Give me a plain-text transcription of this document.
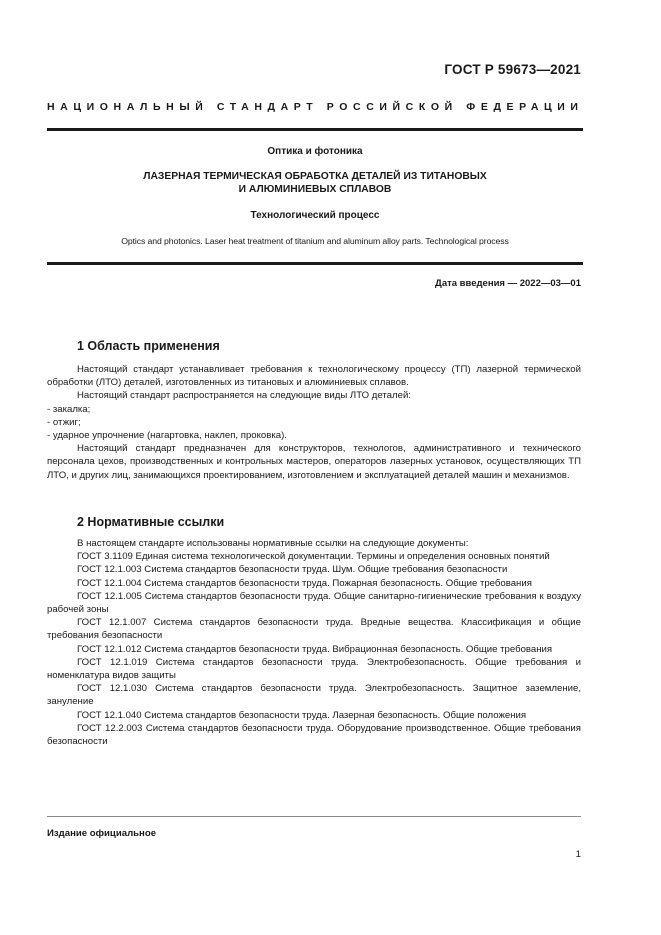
ГОСТ Р 59673—2021
НАЦИОНАЛЬНЫЙ СТАНДАРТ РОССИЙСКОЙ ФЕДЕРАЦИИ
Оптика и фотоника
ЛАЗЕРНАЯ ТЕРМИЧЕСКАЯ ОБРАБОТКА ДЕТАЛЕЙ ИЗ ТИТАНОВЫХ
И АЛЮМИНИЕВЫХ СПЛАВОВ
Технологический процесс
Optics and photonics. Laser heat treatment of titanium and aluminum alloy parts. Technological process
Дата введения — 2022—03—01
1 Область применения

Настоящий стандарт устанавливает требования к технологическому процессу (ТП) лазерной термической обработки (ЛТО) деталей, изготовленных из титановых и алюминиевых сплавов.

Настоящий стандарт распространяется на следующие виды ЛТО деталей:

- закалка;

- отжиг;

- ударное упрочнение (нагартовка, наклеп, проковка).

Настоящий стандарт предназначен для конструкторов, технологов, административного и технического персонала цехов, производственных и контрольных мастеров, операторов лазерных установок, осуществляющих ТП ЛТО, и других лиц, занимающихся проектированием, изготовлением и эксплуатацией деталей машин и механизмов.

2 Нормативные ссылки

В настоящем стандарте использованы нормативные ссылки на следующие документы:

ГОСТ 3.1109 Единая система технологической документации. Термины и определения основных понятий

ГОСТ 12.1.003 Система стандартов безопасности труда. Шум. Общие требования безопасности

ГОСТ 12.1.004 Система стандартов безопасности труда. Пожарная безопасность. Общие требования

ГОСТ 12.1.005 Система стандартов безопасности труда. Общие санитарно-гигиенические требования к воздуху рабочей зоны

ГОСТ 12.1.007 Система стандартов безопасности труда. Вредные вещества. Классификация и общие требования безопасности

ГОСТ 12.1.012 Система стандартов безопасности труда. Вибрационная безопасность. Общие требования

ГОСТ 12.1.019 Система стандартов безопасности труда. Электробезопасность. Общие требования и номенклатура видов защиты

ГОСТ 12.1.030 Система стандартов безопасности труда. Электробезопасность. Защитное заземление, зануление

ГОСТ 12.1.040 Система стандартов безопасности труда. Лазерная безопасность. Общие положения

ГОСТ 12.2.003 Система стандартов безопасности труда. Оборудование производственное. Общие требования безопасности

Издание официальное
1
